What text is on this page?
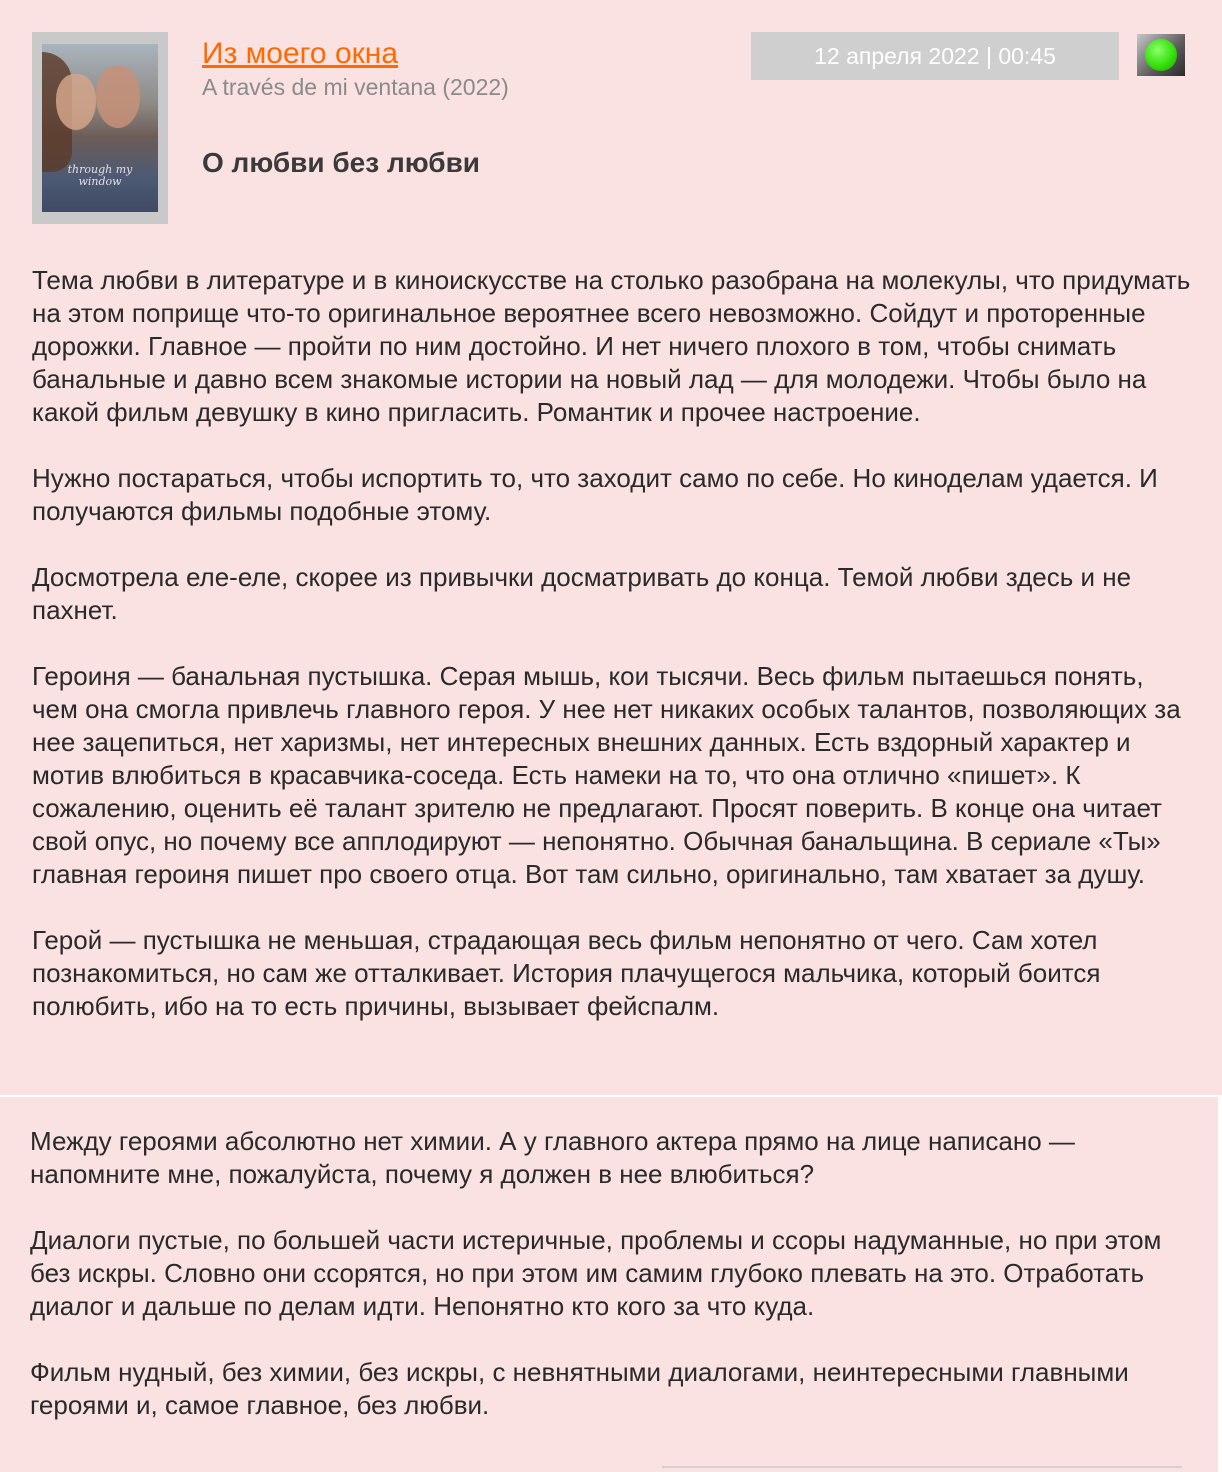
through my window
Из моего окна
A través de mi ventana (2022)
О любви без любви
12 апреля 2022 | 00:45

Тема любви в литературе и в киноискусстве на столько разобрана на молекулы, что придумать на этом поприще что-то оригинальное вероятнее всего невозможно. Сойдут и проторенные дорожки. Главное — пройти по ним достойно. И нет ничего плохого в том, чтобы снимать банальные и давно всем знакомые истории на новый лад — для молодежи. Чтобы было на какой фильм девушку в кино пригласить. Романтик и прочее настроение.

Нужно постараться, чтобы испортить то, что заходит само по себе. Но киноделам удается. И получаются фильмы подобные этому.

Досмотрела еле-еле, скорее из привычки досматривать до конца. Темой любви здесь и не пахнет.

Героиня — банальная пустышка. Серая мышь, кои тысячи. Весь фильм пытаешься понять, чем она смогла привлечь главного героя. У нее нет никаких особых талантов, позволяющих за нее зацепиться, нет харизмы, нет интересных внешних данных. Есть вздорный характер и мотив влюбиться в красавчика-соседа. Есть намеки на то, что она отлично «пишет». К сожалению, оценить её талант зрителю не предлагают. Просят поверить. В конце она читает свой опус, но почему все апплодируют — непонятно. Обычная банальщина. В сериале «Ты» главная героиня пишет про своего отца. Вот там сильно, оригинально, там хватает за душу.

Герой — пустышка не меньшая, страдающая весь фильм непонятно от чего. Сам хотел познакомиться, но сам же отталкивает. История плачущегося мальчика, который боится полюбить, ибо на то есть причины, вызывает фейспалм.

Между героями абсолютно нет химии. А у главного актера прямо на лице написано — напомните мне, пожалуйста, почему я должен в нее влюбиться?

Диалоги пустые, по большей части истеричные, проблемы и ссоры надуманные, но при этом без искры. Словно они ссорятся, но при этом им самим глубоко плевать на это. Отработать диалог и дальше по делам идти. Непонятно кто кого за что куда.

Фильм нудный, без химии, без искры, с невнятными диалогами, неинтересными главными героями и, самое главное, без любви.
